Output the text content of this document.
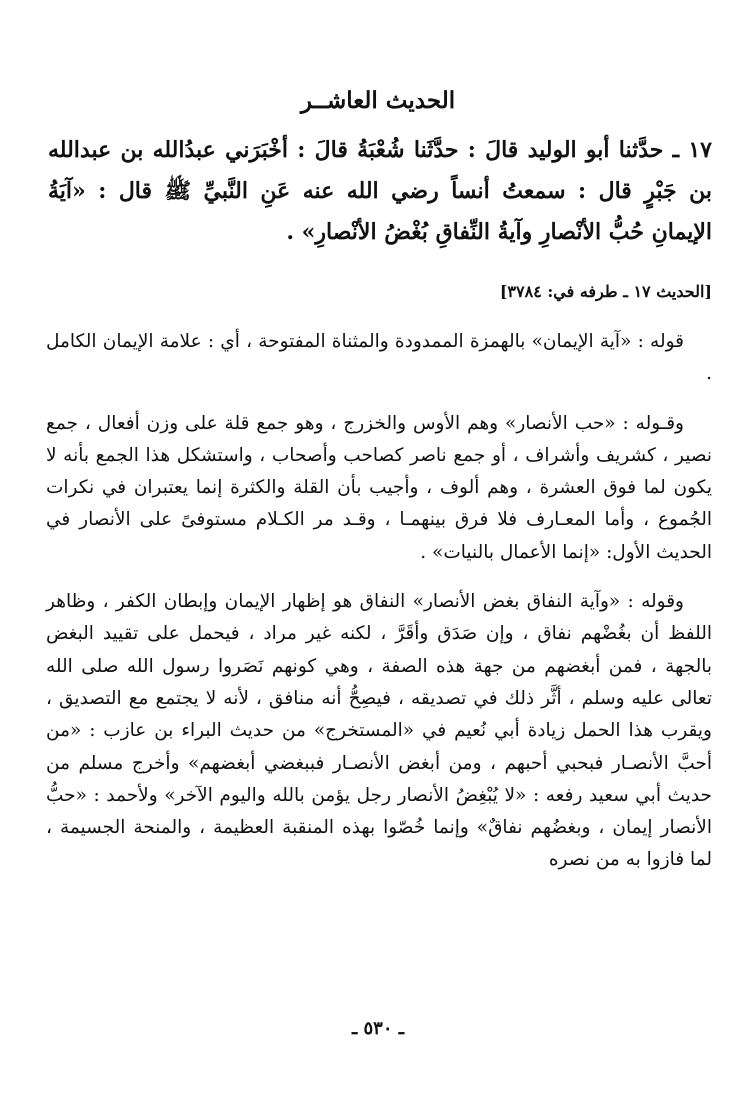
الحديث العاشــر
١٧ ـ حدَّثنا أبو الوليد قالَ : حدَّثَنا شُعْبَةُ قالَ : أخْبَرَني عبدُالله بن عبدالله بن جَبْرٍ قال : سمعتُ أنساً رضي الله عنه عَنِ النَّبيِّ ﷺ قال : «آيَةُ الإيمانِ حُبُّ الأنْصارِ وآيةُ النِّفاقِ بُغْضُ الأنْصارِ» .
[الحديث ١٧ ـ طرفه في: ٣٧٨٤]

قوله : «آية الإيمان» بالهمزة الممدودة والمثناة المفتوحة ، أي : علامة الإيمان الكامل .

وقـوله : «حب الأنصار» وهم الأوس والخزرج ، وهو جمع قلة على وزن أفعال ، جمع نصير ، كشريف وأشراف ، أو جمع ناصر كصاحب وأصحاب ، واستشكل هذا الجمع بأنه لا يكون لما فوق العشرة ، وهم ألوف ، وأجيب بأن القلة والكثرة إنما يعتبران في نكرات الجُموع ، وأما المعـارف فلا فرق بينهمـا ، وقـد مر الكـلام مستوفىً على الأنصار في الحديث الأول: «إنما الأعمال بالنيات» .

وقوله : «وآية النفاق بغض الأنصار» النفاق هو إظهار الإيمان وإبطان الكفر ، وظاهر اللفظ أن بغُضْهم نفاق ، وإن صَدَق وأقَرَّ ، لكنه غير مراد ، فيحمل على تقييد البغض بالجهة ، فمن أبغضهم من جهة هذه الصفة ، وهي كونهم نَصَروا رسول الله صلى الله تعالى عليه وسلم ، أثَّر ذلك في تصديقه ، فيصِحُّ أنه منافق ، لأنه لا يجتمع مع التصديق ، ويقرب هذا الحمل زيادة أبي نُعيم في «المستخرج» من حديث البراء بن عازب : «من أحبَّ الأنصـار فبحبي أحبهم ، ومن أبغض الأنصـار فببغضي أبغضهم» وأخرج مسلم من حديث أبي سعيد رفعه : «لا يُبْغِضُ الأنصار رجل يؤمن بالله واليوم الآخر» ولأحمد : «حبُّ الأنصار إيمان ، وبغضُهم نفاقٌ» وإنما خُصّوا بهذه المنقبة العظيمة ، والمنحة الجسيمة ، لما فازوا به من نصره

ـ ٥٣٠ ـ
